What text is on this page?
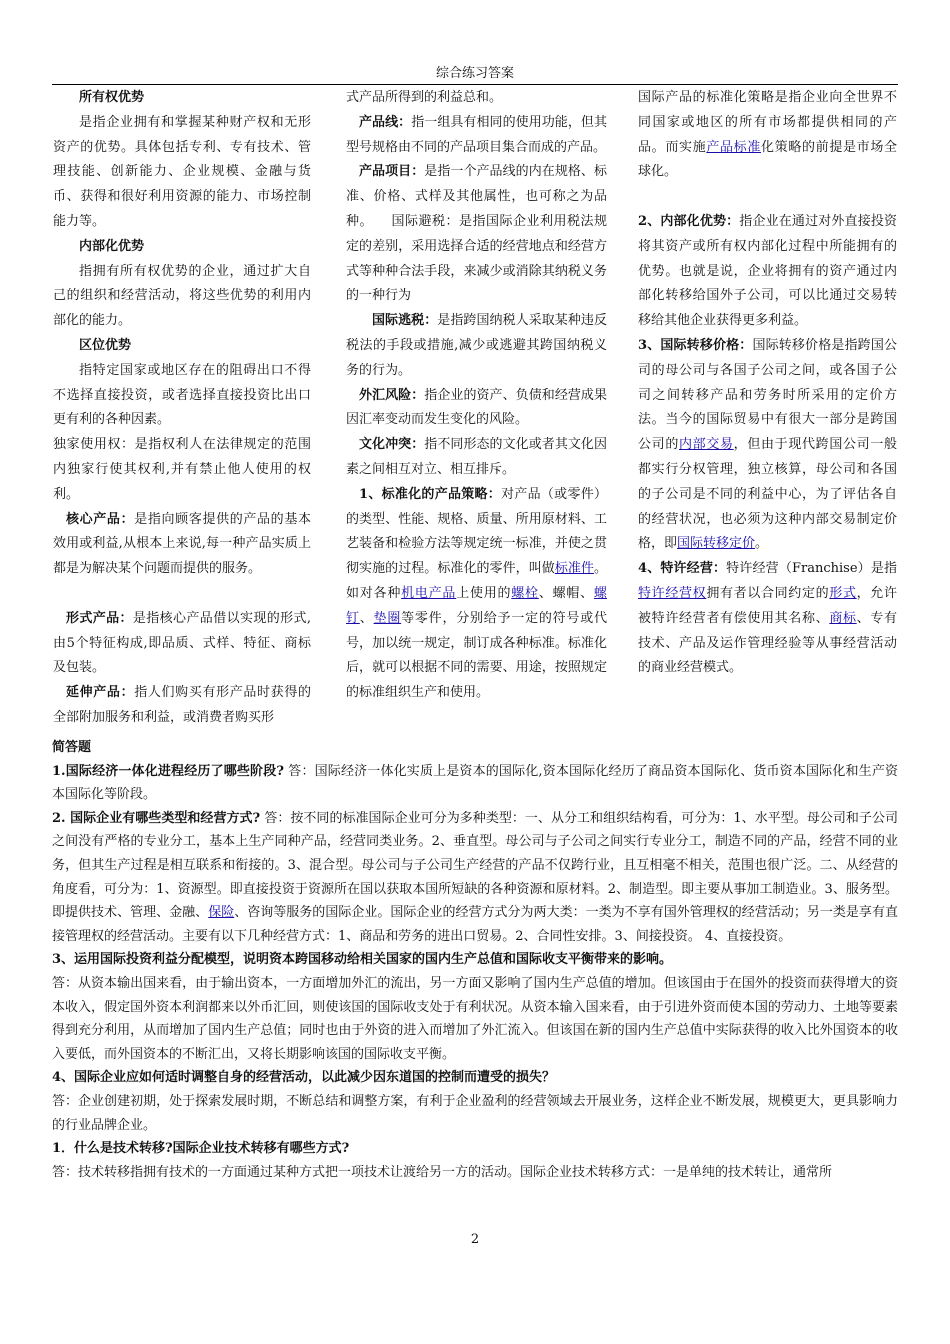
综合练习答案

所有权优势

是指企业拥有和掌握某种财产权和无形资产的优势。具体包括专利、专有技术、管理技能、创新能力、企业规模、金融与货币、获得和很好利用资源的能力、市场控制能力等。

内部化优势

指拥有所有权优势的企业，通过扩大自己的组织和经营活动，将这些优势的利用内部化的能力。

区位优势

指特定国家或地区存在的阻碍出口不得不选择直接投资，或者选择直接投资比出口更有利的各种因素。

独家使用权：是指权利人在法律规定的范围内独家行使其权利,并有禁止他人使用的权利。

核心产品：是指向顾客提供的产品的基本效用或利益,从根本上来说,每一种产品实质上都是为解决某个问题而提供的服务。

形式产品：是指核心产品借以实现的形式,由5个特征构成,即品质、式样、特征、商标及包装。

延伸产品：指人们购买有形产品时获得的全部附加服务和利益，或消费者购买形

式产品所得到的利益总和。

产品线：指一组具有相同的使用功能，但其型号规格由不同的产品项目集合而成的产品。

产品项目：是指一个产品线的内在规格、标准、价格、式样及其他属性，也可称之为品种。 国际避税：是指国际企业利用税法规定的差别，采用选择合适的经营地点和经营方式等种种合法手段，来减少或消除其纳税义务的一种行为

国际逃税：是指跨国纳税人采取某种违反税法的手段或措施,减少或逃避其跨国纳税义务的行为。

外汇风险：指企业的资产、负债和经营成果因汇率变动而发生变化的风险。

文化冲突：指不同形态的文化或者其文化因素之间相互对立、相互排斥。

1、标准化的产品策略：对产品（或零件）的类型、性能、规格、质量、所用原材料、工艺装备和检验方法等规定统一标准，并使之贯彻实施的过程。标准化的零件，叫做标准件。如对各种机电产品上使用的螺栓、螺帽、螺钉、垫圈等零件，分别给予一定的符号或代号，加以统一规定，制订成各种标准。标准化后，就可以根据不同的需要、用途，按照规定的标准组织生产和使用。

国际产品的标准化策略是指企业向全世界不同国家或地区的所有市场都提供相同的产品。而实施产品标准化策略的前提是市场全球化。

2、内部化优势：指企业在通过对外直接投资将其资产或所有权内部化过程中所能拥有的优势。也就是说，企业将拥有的资产通过内部化转移给国外子公司，可以比通过交易转移给其他企业获得更多利益。

3、国际转移价格：国际转移价格是指跨国公司的母公司与各国子公司之间，或各国子公司之间转移产品和劳务时所采用的定价方法。当今的国际贸易中有很大一部分是跨国公司的内部交易，但由于现代跨国公司一般都实行分权管理，独立核算，母公司和各国的子公司是不同的利益中心，为了评估各自的经营状况，也必须为这种内部交易制定价格，即国际转移定价。

4、特许经营：特许经营（Franchise）是指特许经营权拥有者以合同约定的形式，允许被特许经营者有偿使用其名称、商标、专有技术、产品及运作管理经验等从事经营活动的商业经营模式。

简答题

1.国际经济一体化进程经历了哪些阶段? 答：国际经济一体化实质上是资本的国际化,资本国际化经历了商品资本国际化、货币资本国际化和生产资本国际化等阶段。

2. 国际企业有哪些类型和经营方式? 答：按不同的标准国际企业可分为多种类型：一、从分工和组织结构看，可分为：1、水平型。母公司和子公司之间没有严格的专业分工，基本上生产同种产品，经营同类业务。2、垂直型。母公司与子公司之间实行专业分工，制造不同的产品，经营不同的业务，但其生产过程是相互联系和衔接的。3、混合型。母公司与子公司生产经营的产品不仅跨行业，且互相毫不相关，范围也很广泛。二、从经营的角度看，可分为：1、资源型。即直接投资于资源所在国以获取本国所短缺的各种资源和原材料。2、制造型。即主要从事加工制造业。3、服务型。即提供技术、管理、金融、保险、咨询等服务的国际企业。国际企业的经营方式分为两大类：一类为不享有国外管理权的经营活动；另一类是享有直接管理权的经营活动。主要有以下几种经营方式：1、商品和劳务的进出口贸易。2、合同性安排。3、间接投资。 4、直接投资。

3、运用国际投资利益分配模型，说明资本跨国移动给相关国家的国内生产总值和国际收支平衡带来的影响。

答：从资本输出国来看，由于输出资本，一方面增加外汇的流出，另一方面又影响了国内生产总值的增加。但该国由于在国外的投资而获得增大的资本收入，假定国外资本利润都来以外币汇回，则使该国的国际收支处于有利状况。从资本输入国来看，由于引进外资而使本国的劳动力、土地等要素得到充分利用，从而增加了国内生产总值；同时也由于外资的进入而增加了外汇流入。但该国在新的国内生产总值中实际获得的收入比外国资本的收入要低，而外国资本的不断汇出，又将长期影响该国的国际收支平衡。

4、国际企业应如何适时调整自身的经营活动，以此减少因东道国的控制而遭受的损失？

答：企业创建初期，处于探索发展时期，不断总结和调整方案，有利于企业盈利的经营领域去开展业务，这样企业不断发展，规模更大，更具影响力的行业品牌企业。

1．什么是技术转移?国际企业技术转移有哪些方式?

答：技术转移指拥有技术的一方面通过某种方式把一项技术让渡给另一方的活动。国际企业技术转移方式：一是单纯的技术转让，通常所

2
